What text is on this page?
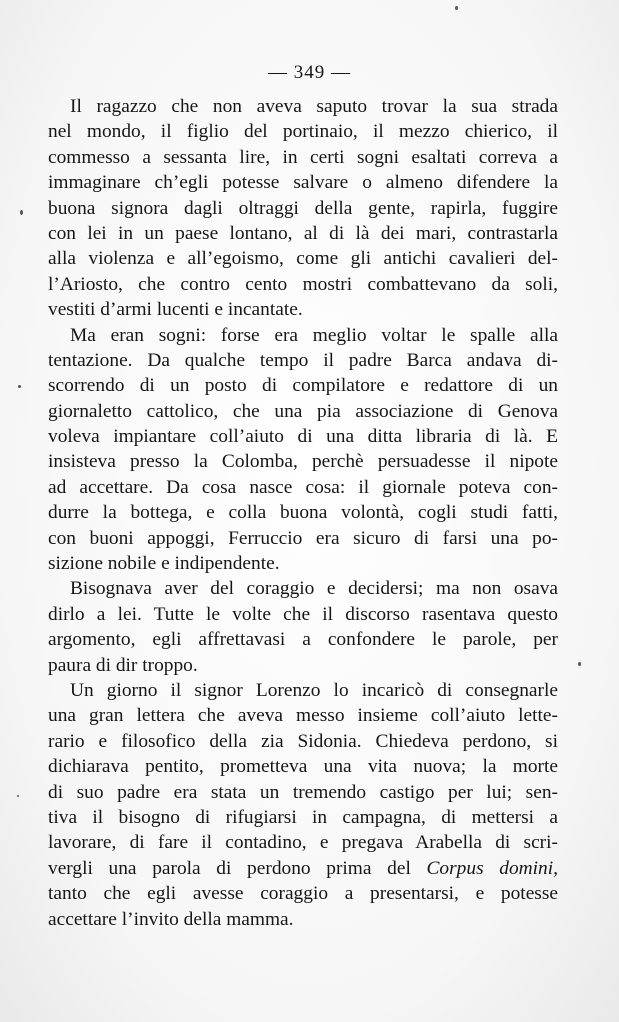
— 349 —
Il ragazzo che non aveva saputo trovar la sua strada
nel mondo, il figlio del portinaio, il mezzo chierico, il
commesso a sessanta lire, in certi sogni esaltati correva a
immaginare ch’egli potesse salvare o almeno difendere la
buona signora dagli oltraggi della gente, rapirla, fuggire
con lei in un paese lontano, al di là dei mari, contrastarla
alla violenza e all’egoismo, come gli antichi cavalieri del-
l’Ariosto, che contro cento mostri combattevano da soli,
vestiti d’armi lucenti e incantate.
Ma eran sogni: forse era meglio voltar le spalle alla
tentazione. Da qualche tempo il padre Barca andava di-
scorrendo di un posto di compilatore e redattore di un
giornaletto cattolico, che una pia associazione di Genova
voleva impiantare coll’aiuto di una ditta libraria di là. E
insisteva presso la Colomba, perchè persuadesse il nipote
ad accettare. Da cosa nasce cosa: il giornale poteva con-
durre la bottega, e colla buona volontà, cogli studi fatti,
con buoni appoggi, Ferruccio era sicuro di farsi una po-
sizione nobile e indipendente.
Bisognava aver del coraggio e decidersi; ma non osava
dirlo a lei. Tutte le volte che il discorso rasentava questo
argomento, egli affrettavasi a confondere le parole, per
paura di dir troppo.
Un giorno il signor Lorenzo lo incaricò di consegnarle
una gran lettera che aveva messo insieme coll’aiuto lette-
rario e filosofico della zia Sidonia. Chiedeva perdono, si
dichiarava pentito, prometteva una vita nuova; la morte
di suo padre era stata un tremendo castigo per lui; sen-
tiva il bisogno di rifugiarsi in campagna, di mettersi a
lavorare, di fare il contadino, e pregava Arabella di scri-
vergli una parola di perdono prima del Corpus domini,
tanto che egli avesse coraggio a presentarsi, e potesse
accettare l’invito della mamma.
